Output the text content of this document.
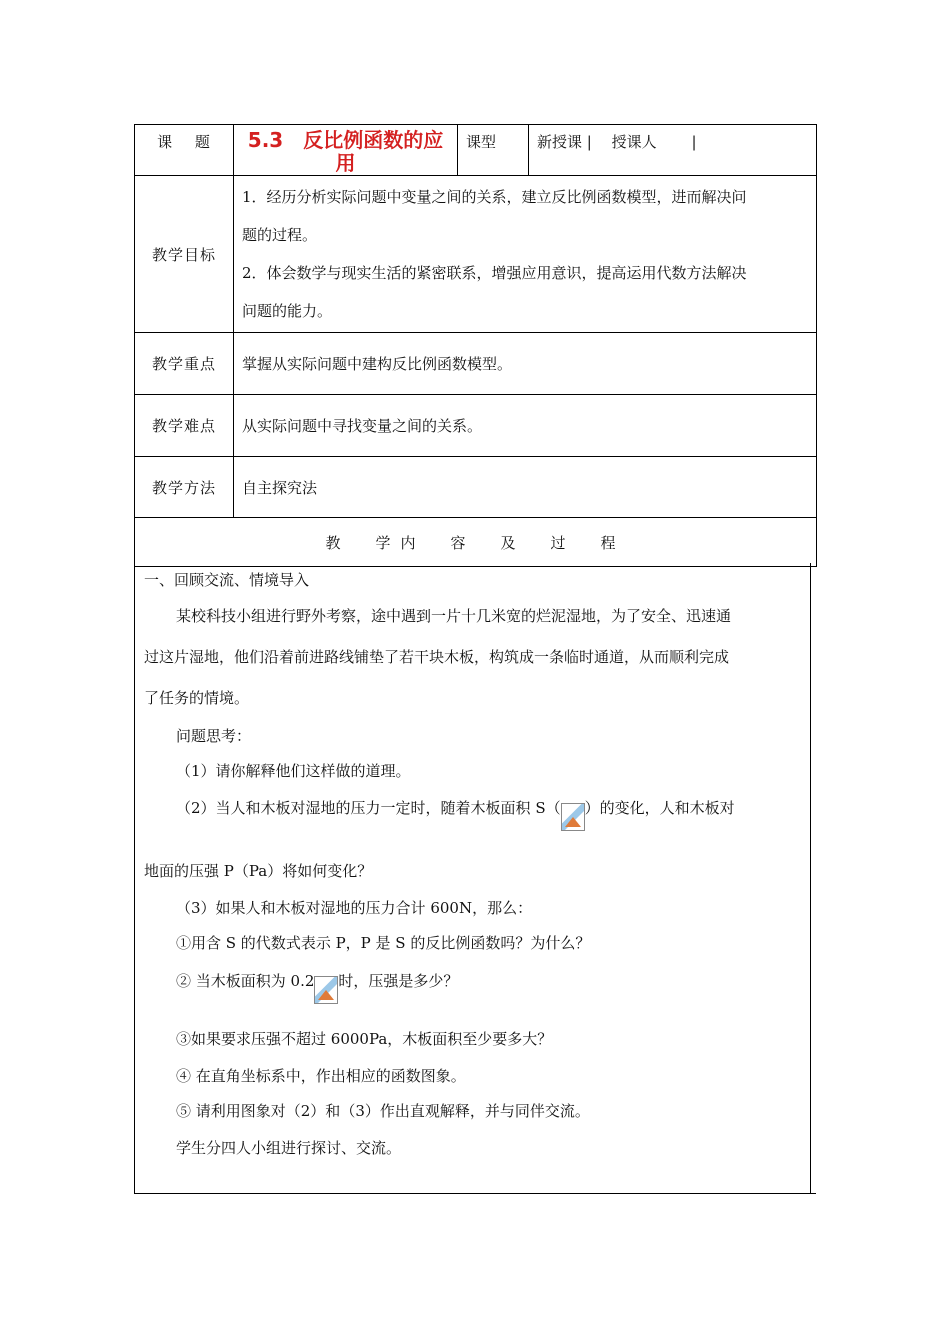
课　 题	5.3　反比例函数的应用	课型	新授课 |　 授课人 　　|
教学目标	1．经历分析实际问题中变量之间的关系，建立反比例函数模型，进而解决问

题的过程。

2．体会数学与现实生活的紧密联系，增强应用意识，提高运用代数方法解决

问题的能力。		

教学重点	掌握从实际问题中建构反比例函数模型。		
教学难点	从实际问题中寻找变量之间的关系。		
教学方法	自主探究法		
教　学内　容　及　过　程			
一、回顾交流、情境导入
某校科技小组进行野外考察，途中遇到一片十几米宽的烂泥湿地，为了安全、迅速通
过这片湿地，他们沿着前进路线铺垫了若干块木板，构筑成一条临时通道，从而顺利完成
了任务的情境。
问题思考：
（1）请你解释他们这样做的道理。
（2）当人和木板对湿地的压力一定时，随着木板面积 S（ ）的变化，人和木板对
地面的压强 P（Pa）将如何变化？
（3）如果人和木板对湿地的压力合计 600N，那么：
①用含 S 的代数式表示 P，P 是 S 的反比例函数吗？为什么？
② 当木板面积为 0.2 时，压强是多少？
③如果要求压强不超过 6000Pa，木板面积至少要多大？
④ 在直角坐标系中，作出相应的函数图象。
⑤ 请利用图象对（2）和（3）作出直观解释，并与同伴交流。
学生分四人小组进行探讨、交流。
